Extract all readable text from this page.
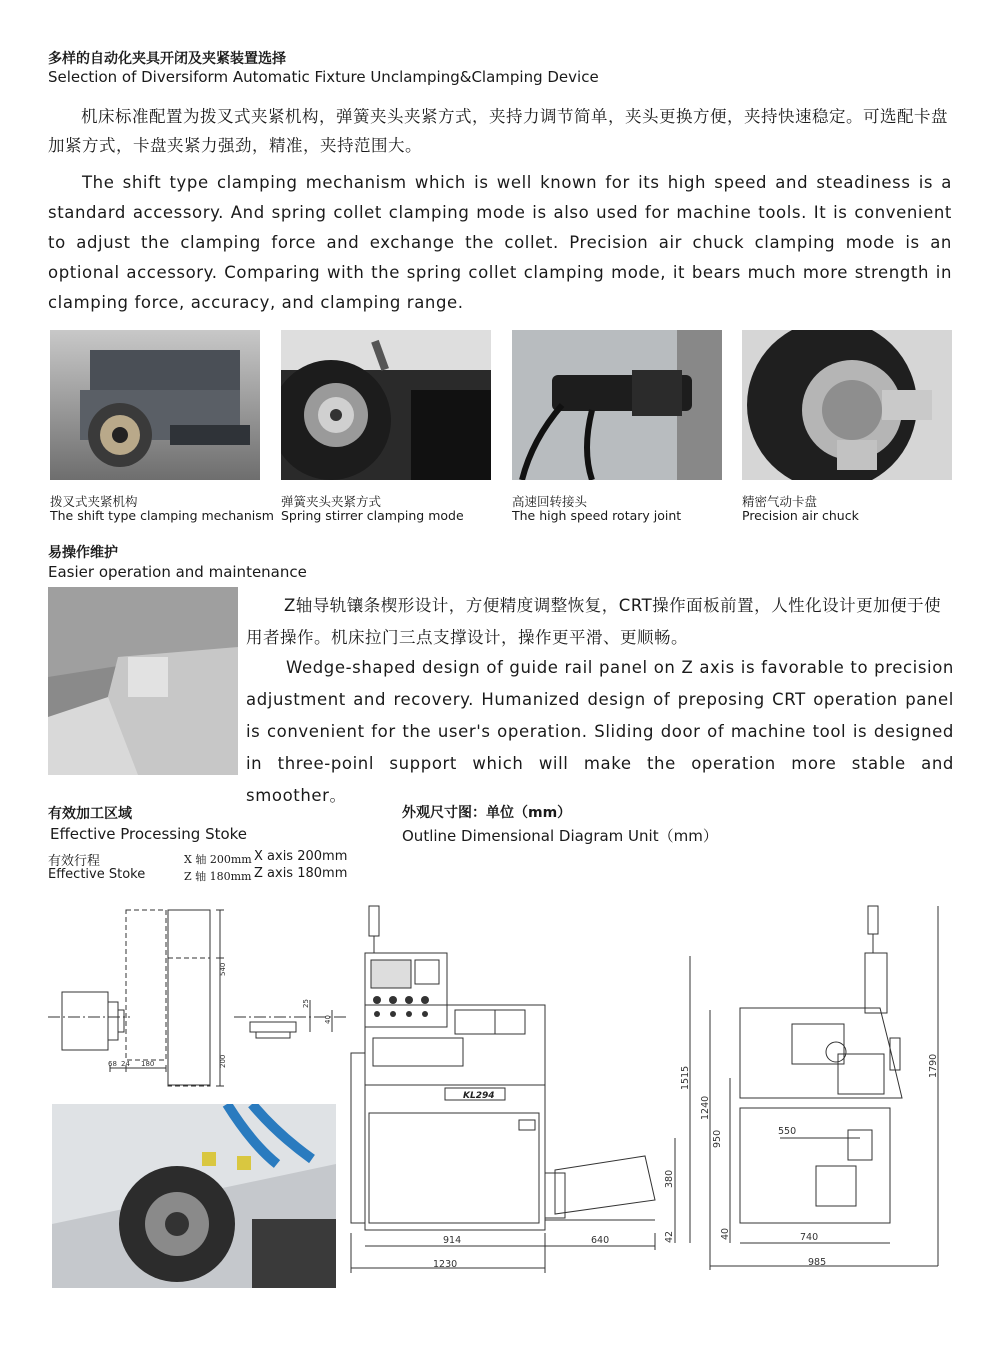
多样的自动化夹具开闭及夹紧装置选择
Selection of Diversiform Automatic Fixture Unclamping&Clamping Device
机床标准配置为拨叉式夹紧机构，弹簧夹头夹紧方式，夹持力调节简单，夹头更换方便，夹持快速稳定。可选配卡盘加紧方式，卡盘夹紧力强劲，精准，夹持范围大。
The shift type clamping mechanism which is well known for its high speed and steadiness is a standard accessory. And spring collet clamping mode is also used for machine tools. It is convenient to adjust the clamping force and exchange the collet. Precision air chuck clamping mode is an optional accessory. Comparing with the spring collet clamping mode, it bears much more strength in clamping force, accuracy, and clamping range.
拨叉式夹紧机构
The shift type clamping mechanism
弹簧夹头夹紧方式
Spring stirrer clamping mode
高速回转接头
The high speed rotary joint
精密气动卡盘
Precision air chuck
易操作维护
Easier operation and maintenance
Z轴导轨镶条楔形设计，方便精度调整恢复，CRT操作面板前置，人性化设计更加便于使用者操作。机床拉门三点支撑设计，操作更平滑、更顺畅。
Wedge-shaped design of guide rail panel on Z axis is favorable to precision adjustment and recovery. Humanized design of preposing CRT operation panel is convenient for the user's operation. Sliding door of machine tool is designed in three-poinl support which will make the operation more stable and smoother。
有效加工区域
Effective Processing Stoke
有效行程
Effective Stoke
X 轴 200mm X axis 200mm
Z 轴 180mm Z axis 180mm
540
200
68 24 180
25
40
外观尺寸图：单位（mm）
Outline Dimensional Diagram Unit（mm）
KL294
914
1230
640
380
42
1515
1240
950	550
40	740
985
1790
